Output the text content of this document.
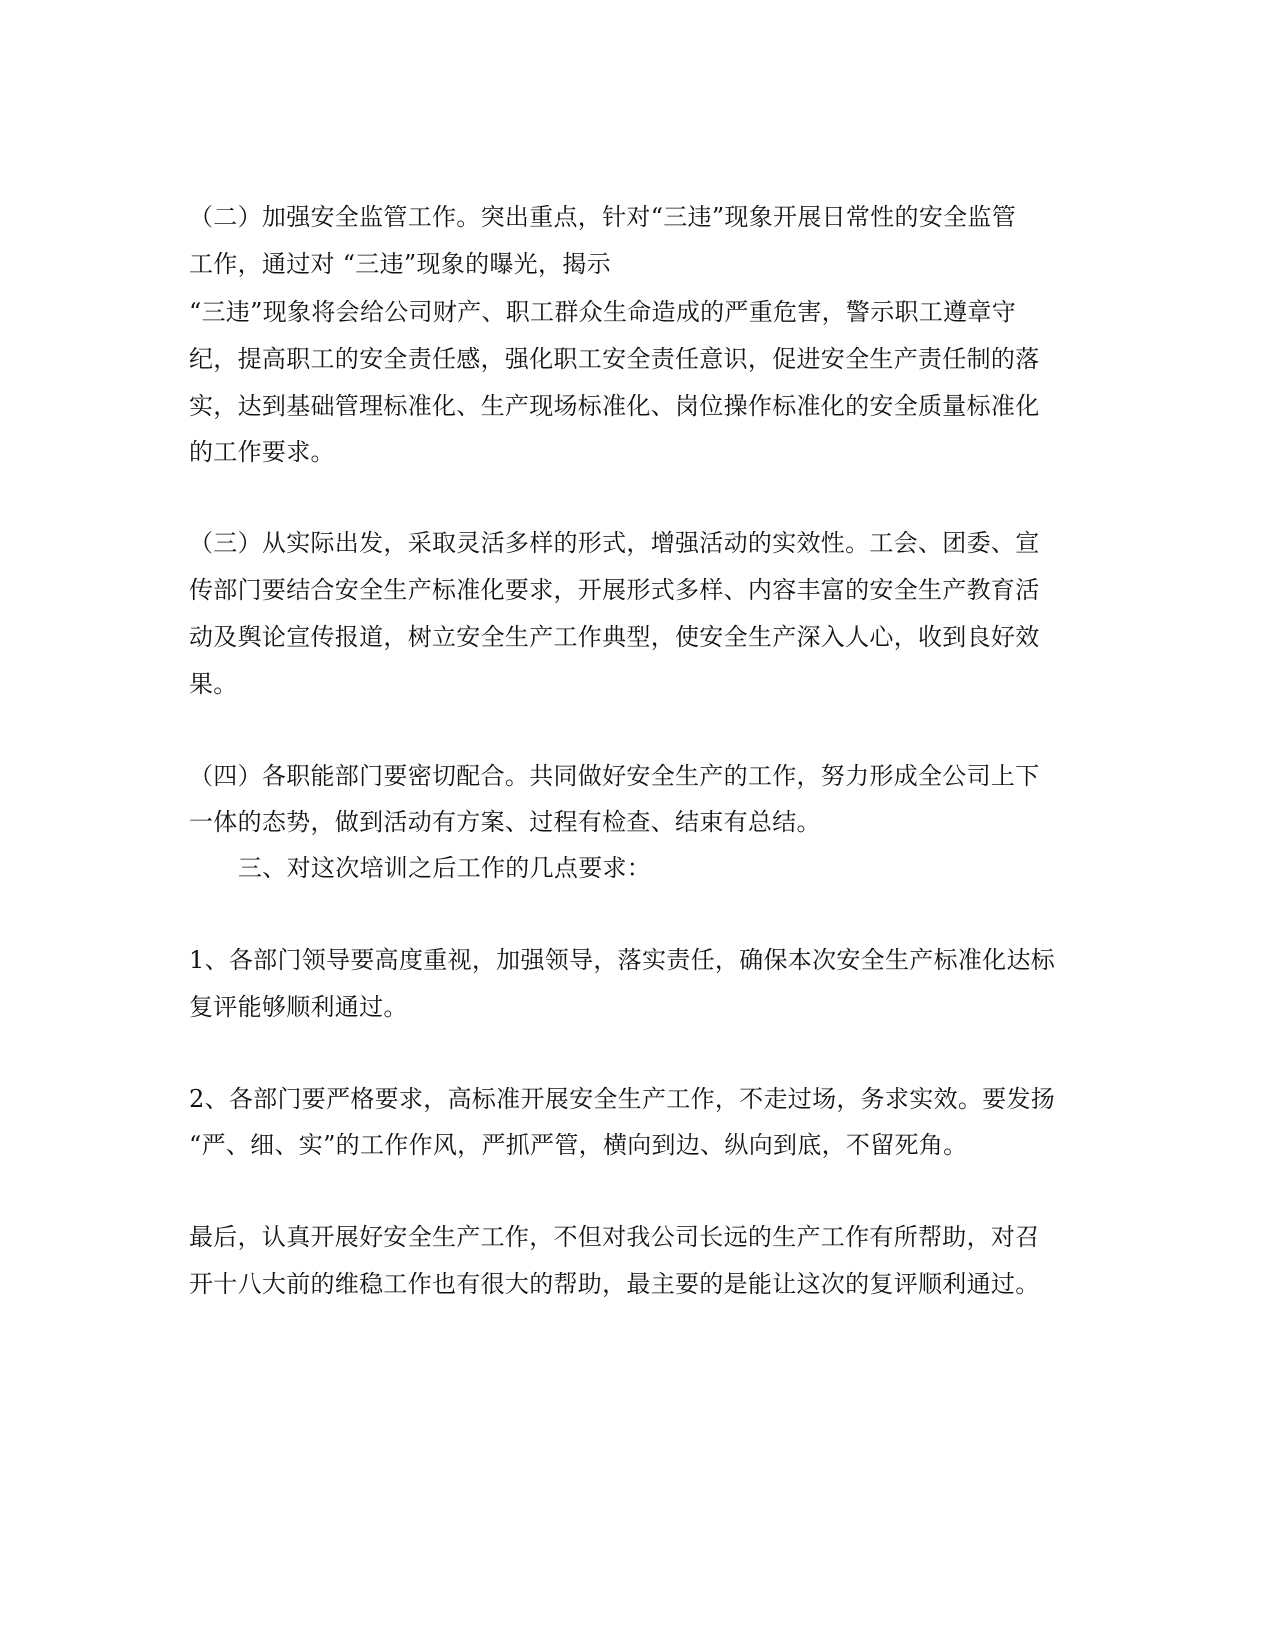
（二）加强安全监管工作。突出重点，针对“三违”现象开展日常性的安全监管
工作，通过对 “三违”现象的曝光，揭示
“三违”现象将会给公司财产、职工群众生命造成的严重危害，警示职工遵章守
纪，提高职工的安全责任感，强化职工安全责任意识，促进安全生产责任制的落
实，达到基础管理标准化、生产现场标准化、岗位操作标准化的安全质量标准化
的工作要求。
（三）从实际出发，采取灵活多样的形式，增强活动的实效性。工会、团委、宣
传部门要结合安全生产标准化要求，开展形式多样、内容丰富的安全生产教育活
动及舆论宣传报道，树立安全生产工作典型，使安全生产深入人心，收到良好效
果。
（四）各职能部门要密切配合。共同做好安全生产的工作，努力形成全公司上下
一体的态势，做到活动有方案、过程有检查、结束有总结。
三、对这次培训之后工作的几点要求：
1、各部门领导要高度重视，加强领导，落实责任，确保本次安全生产标准化达标
复评能够顺利通过。
2、各部门要严格要求，高标准开展安全生产工作，不走过场，务求实效。要发扬
“严、细、实”的工作作风，严抓严管，横向到边、纵向到底，不留死角。
最后，认真开展好安全生产工作，不但对我公司长远的生产工作有所帮助，对召
开十八大前的维稳工作也有很大的帮助，最主要的是能让这次的复评顺利通过。
